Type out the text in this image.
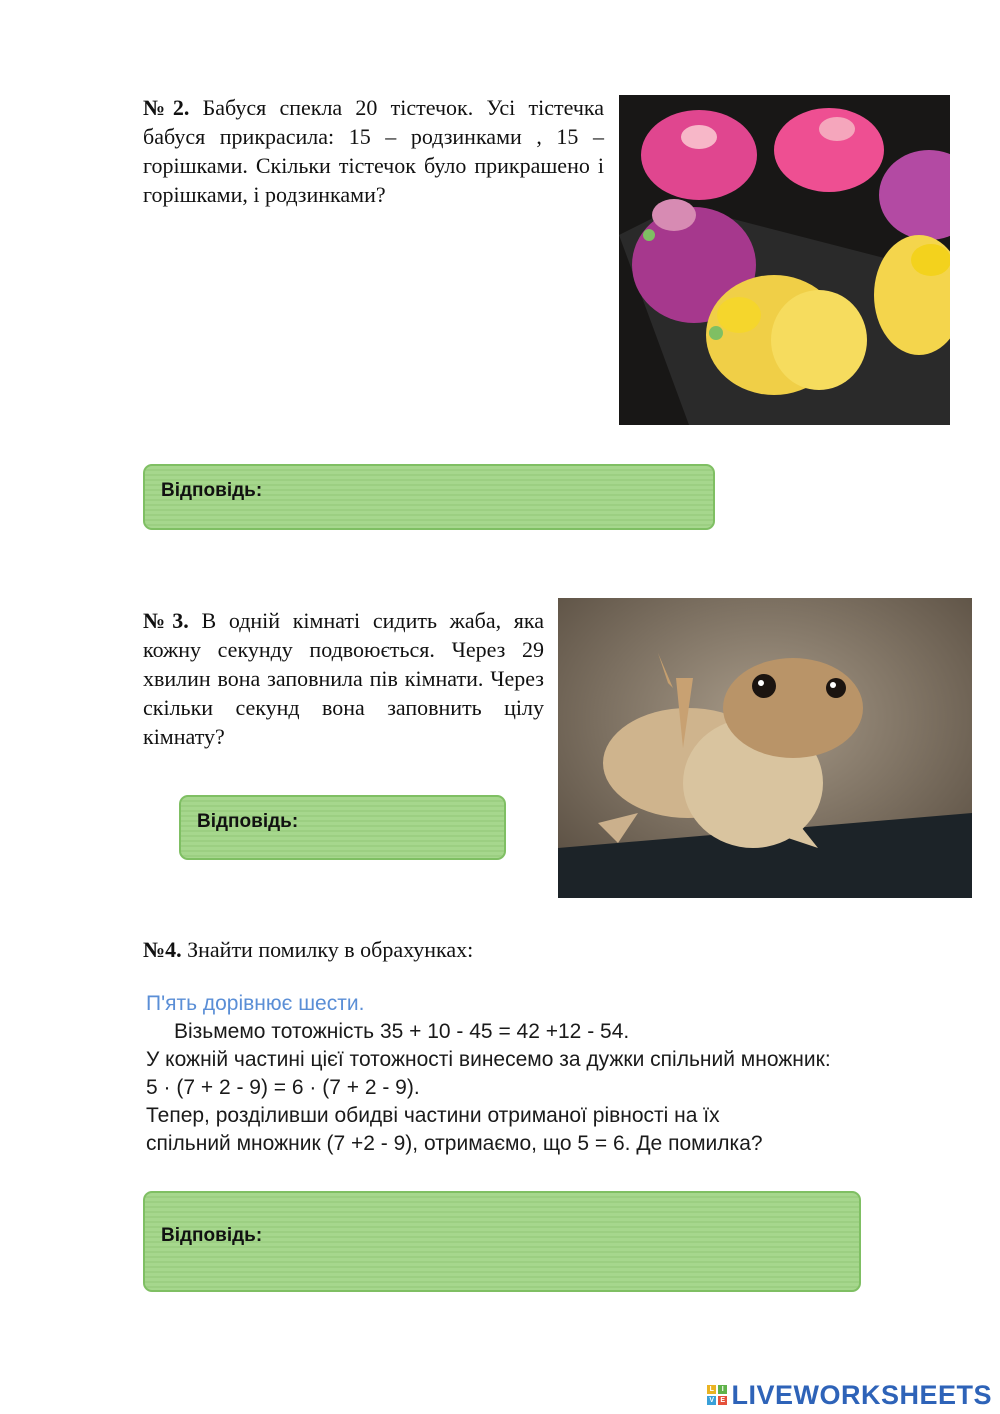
№2. Бабуся спекла 20 тістечок. Усі тістечка бабуся прикрасила: 15 – родзинками , 15 – горішками. Скільки тістечок було прикрашено і горішками, і родзинками?
Відповідь:
№3. В одній кімнаті сидить жаба, яка кожну секунду подвоюється. Через 29 хвилин вона заповнила пів кімнати. Через скільки секунд вона заповнить цілу кімнату?
Відповідь:
№4. Знайти помилку в обрахунках:
П'ять дорівнює шести.
Візьмемо тотожність 35 + 10 - 45 = 42 +12 - 54.
У кожній частині цієї тотожності винесемо за дужки спільний множник:
5 · (7 + 2 - 9) = 6 · (7 + 2 - 9).
Тепер, розділивши обидві частини отриманої рівності на їх
спільний множник (7 +2 - 9), отримаємо, що 5 = 6. Де помилка?
Відповідь:
L	I
V E LIVEWORKSHEETS
